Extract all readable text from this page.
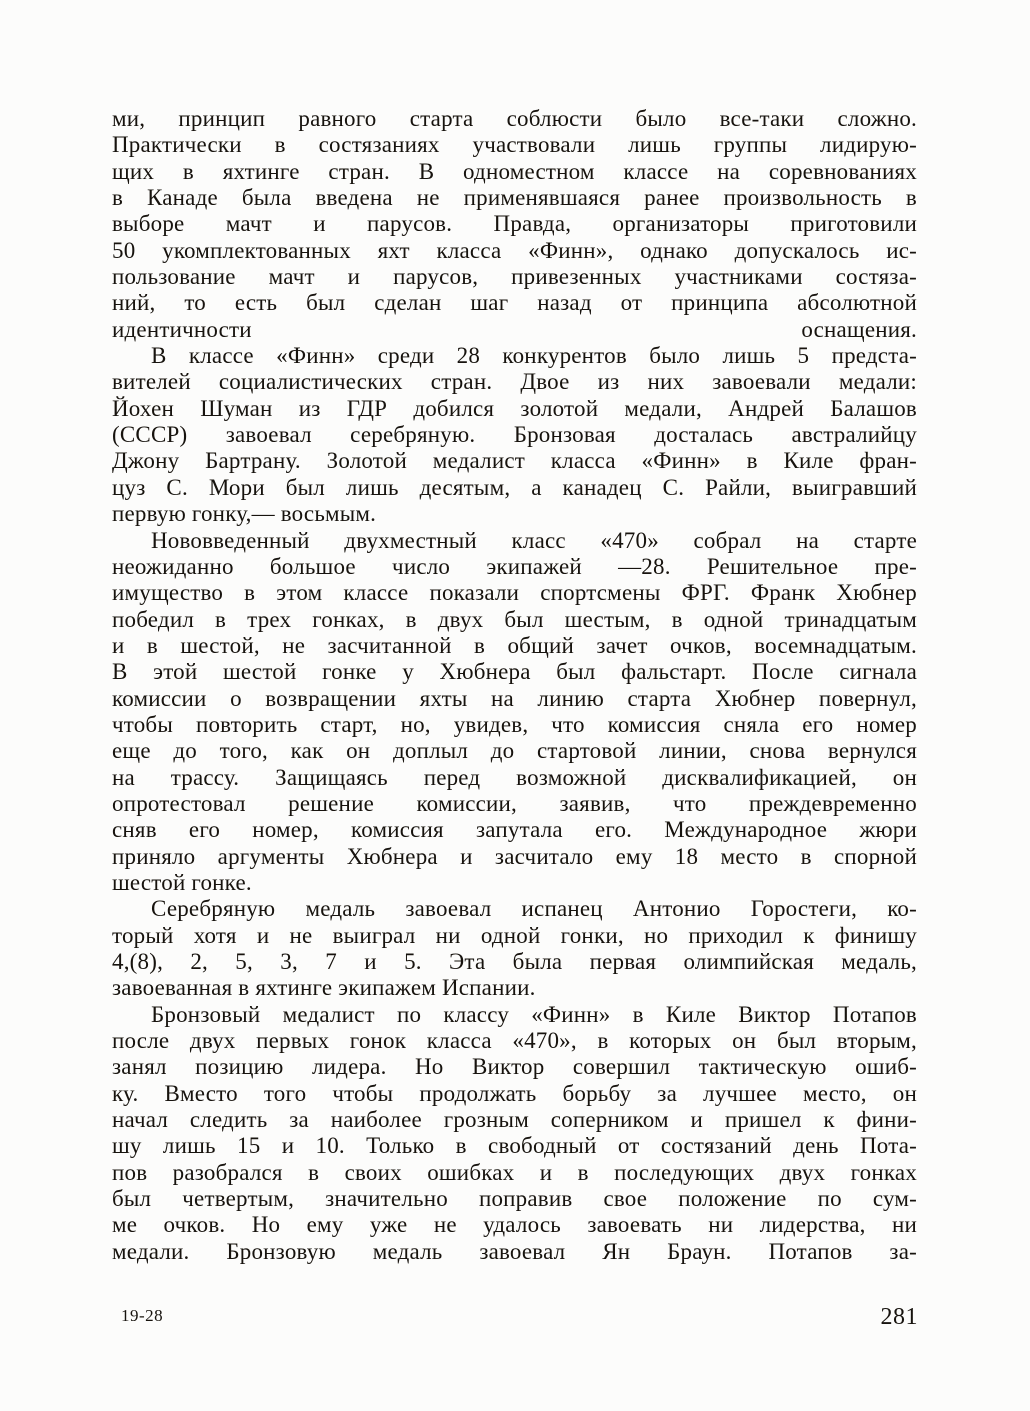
ми, принцип равного старта соблюсти было все-таки сложно.
Практически в состязаниях участвовали лишь группы лидирую-
щих в яхтинге стран. В одноместном классе на соревнованиях
в Канаде была введена не применявшаяся ранее произвольность в
выборе мачт и парусов. Правда, организаторы приготовили
50 укомплектованных яхт класса «Финн», однако допускалось ис-
пользование мачт и парусов, привезенных участниками состяза-
ний, то есть был сделан шаг назад от принципа абсолютной
идентичности оснащения.

В классе «Финн» среди 28 конкурентов было лишь 5 предста-
вителей социалистических стран. Двое из них завоевали медали:
Йохен Шуман из ГДР добился золотой медали, Андрей Балашов
(СССР) завоевал серебряную. Бронзовая досталась австралийцу
Джону Бартрану. Золотой медалист класса «Финн» в Киле фран-
цуз С. Мори был лишь десятым, а канадец С. Райли, выигравший
первую гонку,— восьмым.

Нововведенный двухместный класс «470» собрал на старте
неожиданно большое число экипажей —28. Решительное пре-
имущество в этом классе показали спортсмены ФРГ. Франк Хюбнер
победил в трех гонках, в двух был шестым, в одной тринадцатым
и в шестой, не засчитанной в общий зачет очков, восемнадцатым.
В этой шестой гонке у Хюбнера был фальстарт. После сигнала
комиссии о возвращении яхты на линию старта Хюбнер повернул,
чтобы повторить старт, но, увидев, что комиссия сняла его номер
еще до того, как он доплыл до стартовой линии, снова вернулся
на трассу. Защищаясь перед возможной дисквалификацией, он
опротестовал решение комиссии, заявив, что преждевременно
сняв его номер, комиссия запутала его. Международное жюри
приняло аргументы Хюбнера и засчитало ему 18 место в спорной
шестой гонке.

Серебряную медаль завоевал испанец Антонио Горостеги, ко-
торый хотя и не выиграл ни одной гонки, но приходил к финишу
4,(8), 2, 5, 3, 7 и 5. Эта была первая олимпийская медаль,
завоеванная в яхтинге экипажем Испании.

Бронзовый медалист по классу «Финн» в Киле Виктор Потапов
после двух первых гонок класса «470», в которых он был вторым,
занял позицию лидера. Но Виктор совершил тактическую ошиб-
ку. Вместо того чтобы продолжать борьбу за лучшее место, он
начал следить за наиболее грозным соперником и пришел к фини-
шу лишь 15 и 10. Только в свободный от состязаний день Пота-
пов разобрался в своих ошибках и в последующих двух гонках
был четвертым, значительно поправив свое положение по сум-
ме очков. Но ему уже не удалось завоевать ни лидерства, ни
медали. Бронзовую медаль завоевал Ян Браун. Потапов за-

19-28	281
